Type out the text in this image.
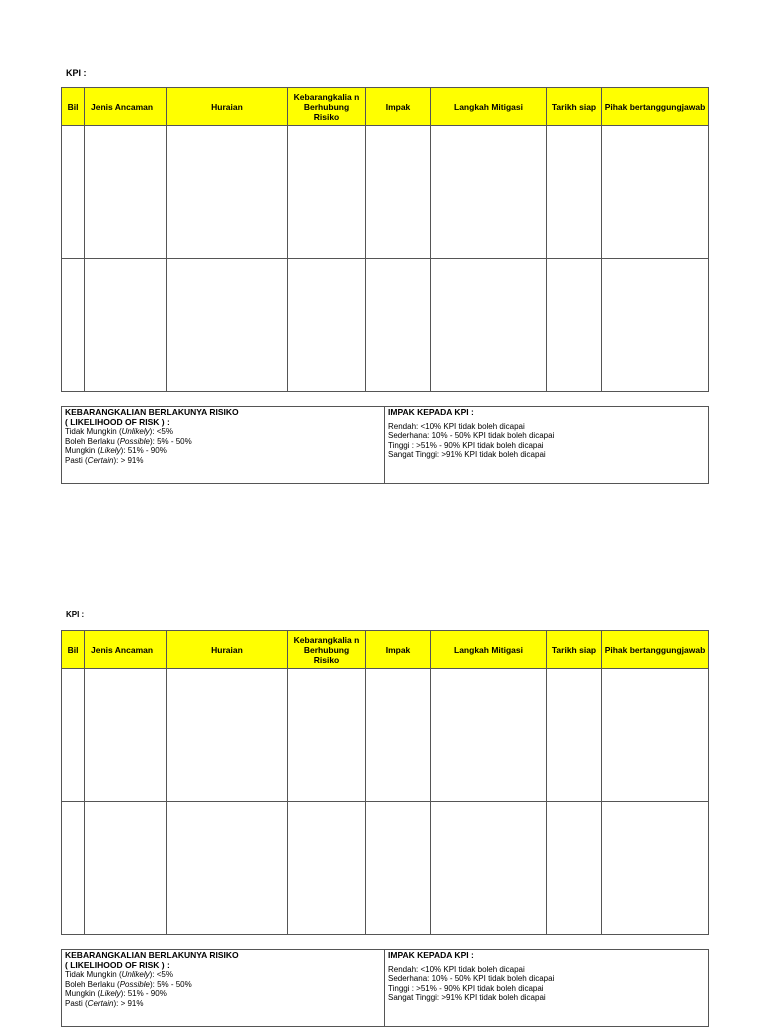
KPI :
Bil	Jenis Ancaman	Huraian	Kebarangkalia n Berhubung Risiko	Impak	Langkah Mitigasi	Tarikh siap	Pihak bertanggungjawab

KEBARANGKALIAN BERLAKUNYA RISIKO
( LIKELIHOOD OF RISK ) :
Tidak Mungkin (Unlikely): <5%
Boleh Berlaku (Possible): 5% - 50%
Mungkin (Likely): 51% - 90%
Pasti (Certain): > 91%

IMPAK KEPADA KPI :
Rendah: <10% KPI tidak boleh dicapai
Sederhana: 10% - 50% KPI tidak boleh dicapai
Tinggi : >51% - 90% KPI tidak boleh dicapai
Sangat Tinggi: >91% KPI tidak boleh dicapai
KPI :
Bil	Jenis Ancaman	Huraian	Kebarangkalia n Berhubung Risiko	Impak	Langkah Mitigasi	Tarikh siap	Pihak bertanggungjawab

KEBARANGKALIAN BERLAKUNYA RISIKO
( LIKELIHOOD OF RISK ) :
Tidak Mungkin (Unlikely): <5%
Boleh Berlaku (Possible): 5% - 50%
Mungkin (Likely): 51% - 90%
Pasti (Certain): > 91%

IMPAK KEPADA KPI :
Rendah: <10% KPI tidak boleh dicapai
Sederhana: 10% - 50% KPI tidak boleh dicapai
Tinggi : >51% - 90% KPI tidak boleh dicapai
Sangat Tinggi: >91% KPI tidak boleh dicapai
